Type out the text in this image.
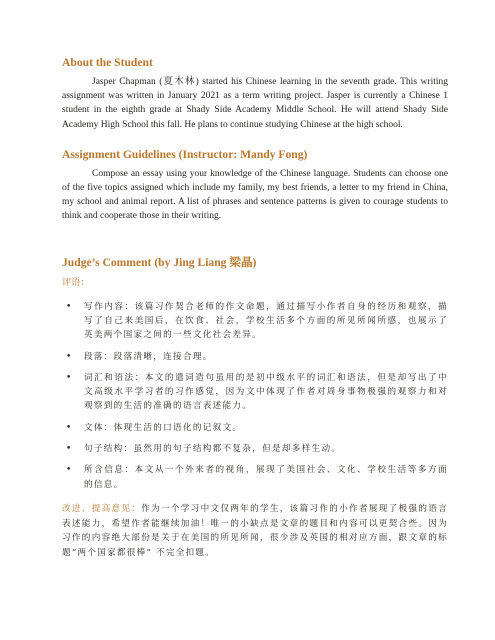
About the Student

Jasper Chapman (夏木林) started his Chinese learning in the seventh grade. This writing assignment was written in January 2021 as a term writing project. Jasper is currently a Chinese 1 student in the eighth grade at Shady Side Academy Middle School. He will attend Shady Side Academy High School this fall. He plans to continue studying Chinese at the high school.

Assignment Guidelines (Instructor: Mandy Fong)

Compose an essay using your knowledge of the Chinese language. Students can choose one of the five topics assigned which include my family, my best friends, a letter to my friend in China, my school and animal report. A list of phrases and sentence patterns is given to courage students to think and cooperate those in their writing.

Judge’s Comment (by Jing Liang 梁晶)
评语：
• 写作内容：该篇习作契合老师的作文命题，通过描写小作者自身的经历和观察，描写了自己来美国后，在饮食、社会，学校生活多个方面的所见所闻所感，也展示了英美两个国家之间的一些文化社会差异。
• 段落：段落清晰，连接合理。
• 词汇和语法：本文的遣词造句虽用的是初中级水平的词汇和语法，但是却写出了中文高级水平学习者的习作感觉，因为文中体现了作者对周身事物极强的观察力和对观察到的生活的准确的语言表述能力。
• 文体：体现生活的口语化的记叙文。
• 句子结构：虽然用的句子结构都不复杂，但是却多样生动。
• 所含信息：本文从一个外来者的视角，展现了美国社会、文化、学校生活等多方面的信息。

改进、提高意见：作为一个学习中文仅两年的学生，该篇习作的小作者展现了极强的语言表述能力，希望作者能继续加油！唯一的小缺点是文章的题目和内容可以更契合些。因为习作的内容绝大部份是关于在美国的所见所闻，很少涉及英国的相对应方面，跟文章的标题“两个国家都很棒” 不完全扣题。
